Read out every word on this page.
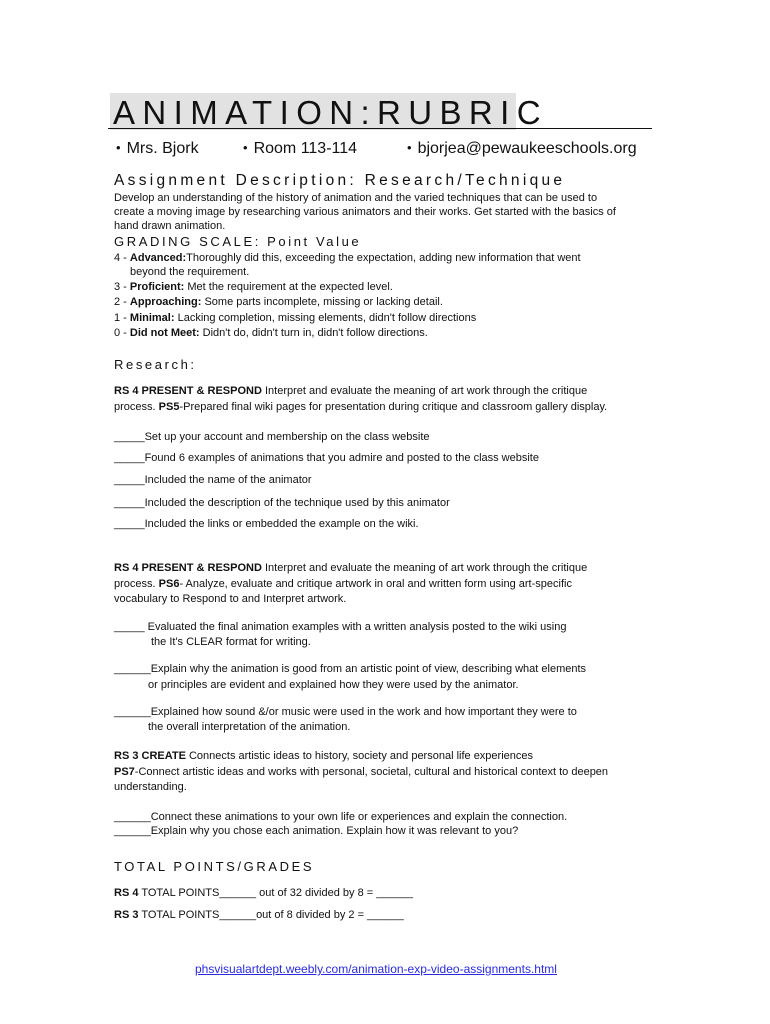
ANIMATION:RUBRIC
• Mrs. Bjork	• Room 113-114	• bjorjea@pewaukeeschools.org
Assignment Description: Research/Technique
Develop an understanding of the history of animation and the varied techniques that can be used to
create a moving image by researching various animators and their works. Get started with the basics of
hand drawn animation.
GRADING SCALE: Point Value
4 - Advanced:Thoroughly did this, exceeding the expectation, adding new information that went
beyond the requirement.
3 - Proficient: Met the requirement at the expected level.
2 - Approaching: Some parts incomplete, missing or lacking detail.
1 - Minimal: Lacking completion, missing elements, didn't follow directions
0 - Did not Meet: Didn't do, didn't turn in, didn't follow directions.
Research:
RS 4 PRESENT & RESPOND Interpret and evaluate the meaning of art work through the critique
process. PS5-Prepared final wiki pages for presentation during critique and classroom gallery display.
_____Set up your account and membership on the class website
_____Found 6 examples of animations that you admire and posted to the class website
_____Included the name of the animator
_____Included the description of the technique used by this animator
_____Included the links or embedded the example on the wiki.
RS 4 PRESENT & RESPOND Interpret and evaluate the meaning of art work through the critique
process. PS6- Analyze, evaluate and critique artwork in oral and written form using art-specific
vocabulary to Respond to and Interpret artwork.
_____ Evaluated the final animation examples with a written analysis posted to the wiki using
the It's CLEAR format for writing.
______Explain why the animation is good from an artistic point of view, describing what elements
or principles are evident and explained how they were used by the animator.
______Explained how sound &/or music were used in the work and how important they were to
the overall interpretation of the animation.
RS 3 CREATE Connects artistic ideas to history, society and personal life experiences
PS7-Connect artistic ideas and works with personal, societal, cultural and historical context to deepen
understanding.
______Connect these animations to your own life or experiences and explain the connection.
______Explain why you chose each animation. Explain how it was relevant to you?
TOTAL POINTS/GRADES
RS 4 TOTAL POINTS______ out of 32 divided by 8 = ______
RS 3 TOTAL POINTS______out of 8 divided by 2 = ______
phsvisualartdept.weebly.com/animation-exp-video-assignments.html
